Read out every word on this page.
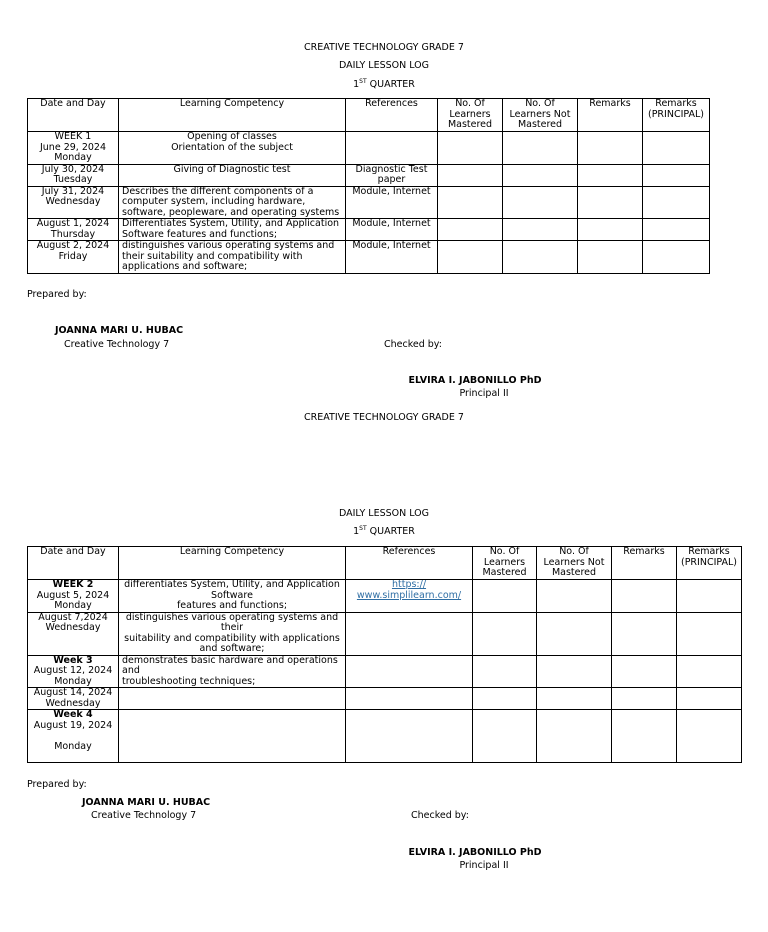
CREATIVE TECHNOLOGY GRADE 7
DAILY LESSON LOG
1ST QUARTER
Date and Day	Learning Competency	References	No. Of Learners Mastered	No. Of Learners Not Mastered	Remarks	Remarks (PRINCIPAL)

WEEK 1
June 29, 2024
Monday	Opening of classes
Orientation of the subject					

July 30, 2024
Tuesday	Giving of Diagnostic test	Diagnostic Test paper				

July 31, 2024
Wednesday	Describes the different components of a
computer system, including hardware,
software, peopleware, and operating systems	Module, Internet				

August 1, 2024
Thursday	Differentiates System, Utility, and Application
Software features and functions;	Module, Internet				

August 2, 2024
Friday	distinguishes various operating systems and
their suitability and compatibility with
applications and software;	Module, Internet				
Prepared by:
JOANNA MARI U. HUBAC
Creative Technology 7	Checked by:
ELVIRA I. JABONILLO PhD
Principal II
CREATIVE TECHNOLOGY GRADE 7
DAILY LESSON LOG
1ST QUARTER
Date and Day	Learning Competency	References	No. Of Learners Mastered	No. Of Learners Not Mastered	Remarks	Remarks (PRINCIPAL)

WEEK 2
August 5, 2024
Monday	differentiates System, Utility, and Application
Software
features and functions;	https://
www.simplilearn.com/				

August 7,2024
Wednesday	distinguishes various operating systems and
their
suitability and compatibility with applications
and software;					

Week 3
August 12, 2024
Monday	demonstrates basic hardware and operations
and
troubleshooting techniques;					

August 14, 2024
Wednesday						

Week 4
August 19, 2024
Monday						

Prepared by:
JOANNA MARI U. HUBAC
Creative Technology 7	Checked by:
ELVIRA I. JABONILLO PhD
Principal II
